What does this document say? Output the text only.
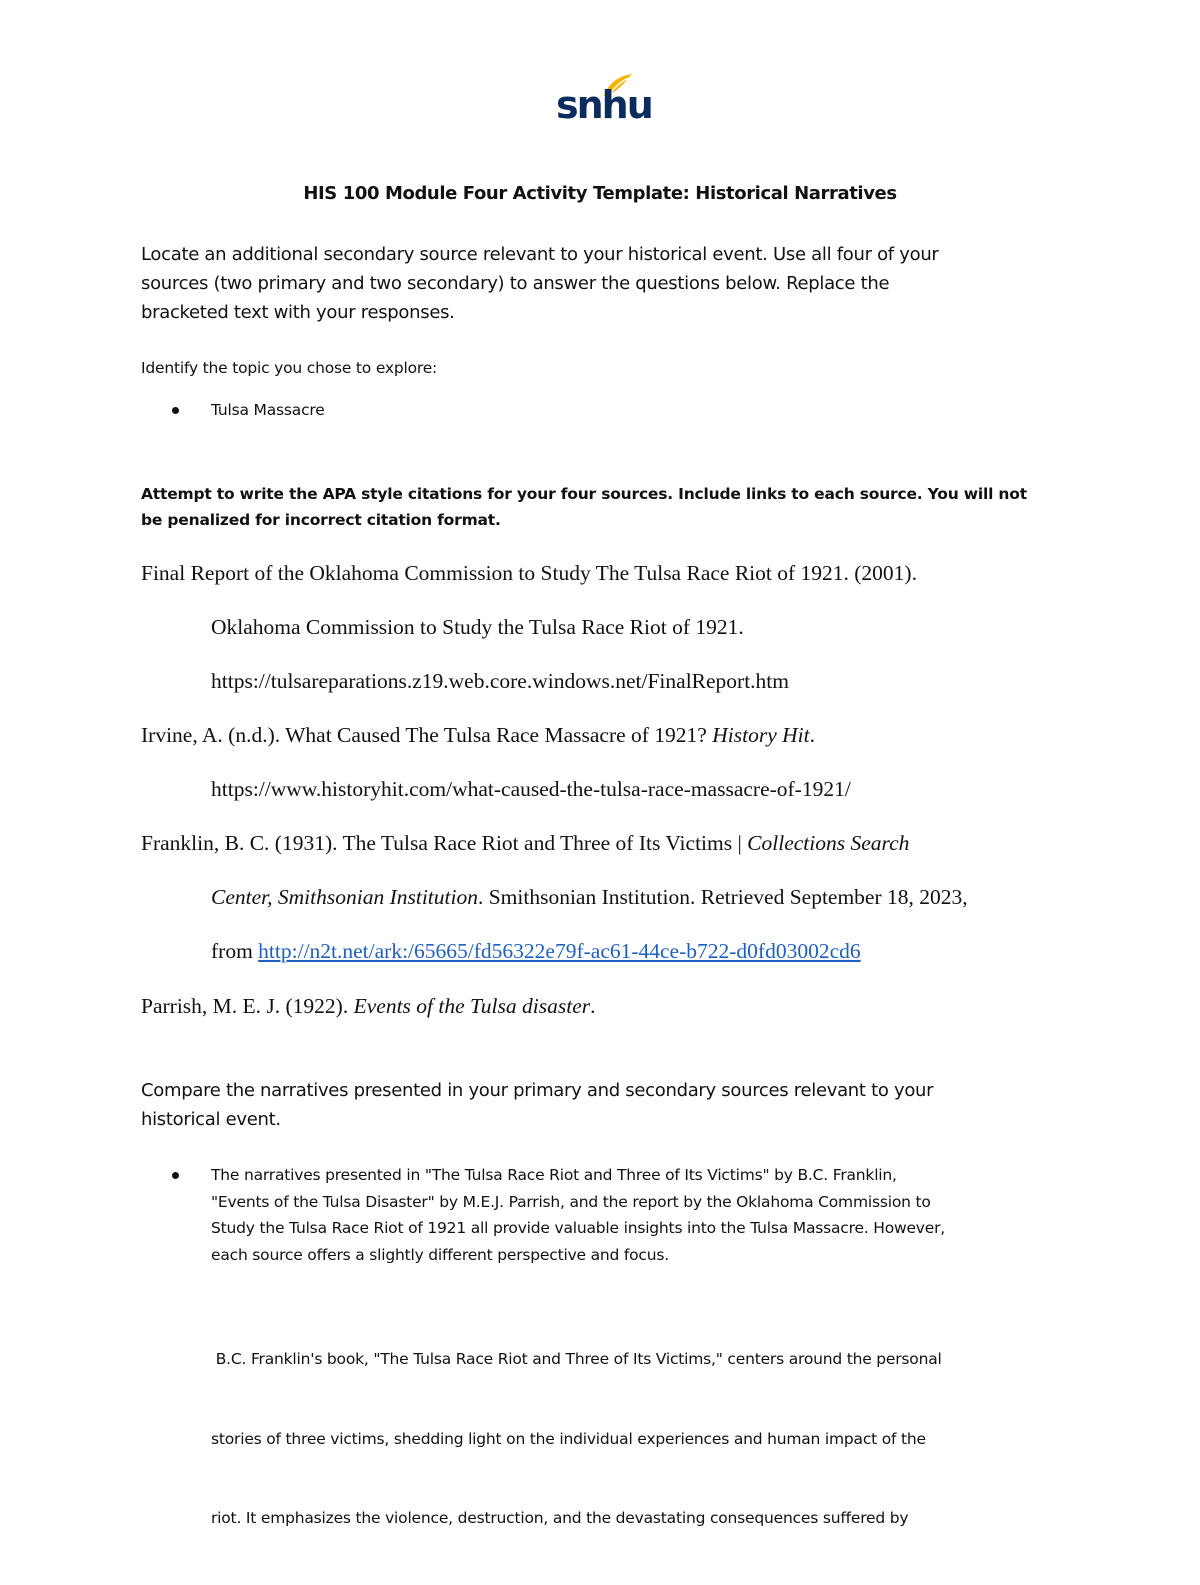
snhu
HIS 100 Module Four Activity Template: Historical Narratives
Locate an additional secondary source relevant to your historical event. Use all four of your
sources (two primary and two secondary) to answer the questions below. Replace the
bracketed text with your responses.
Identify the topic you chose to explore:
Tulsa Massacre
Attempt to write the APA style citations for your four sources. Include links to each source. You will not
be penalized for incorrect citation format.
Final Report of the Oklahoma Commission to Study The Tulsa Race Riot of 1921. (2001).
Oklahoma Commission to Study the Tulsa Race Riot of 1921.
https://tulsareparations.z19.web.core.windows.net/FinalReport.htm
Irvine, A. (n.d.). What Caused The Tulsa Race Massacre of 1921? History Hit.
https://www.historyhit.com/what-caused-the-tulsa-race-massacre-of-1921/
Franklin, B. C. (1931). The Tulsa Race Riot and Three of Its Victims | Collections Search
Center, Smithsonian Institution. Smithsonian Institution. Retrieved September 18, 2023,
from http://n2t.net/ark:/65665/fd56322e79f-ac61-44ce-b722-d0fd03002cd6
Parrish, M. E. J. (1922). Events of the Tulsa disaster.
Compare the narratives presented in your primary and secondary sources relevant to your
historical event.
The narratives presented in "The Tulsa Race Riot and Three of Its Victims" by B.C. Franklin,
"Events of the Tulsa Disaster" by M.E.J. Parrish, and the report by the Oklahoma Commission to
Study the Tulsa Race Riot of 1921 all provide valuable insights into the Tulsa Massacre. However,
each source offers a slightly different perspective and focus.

B.C. Franklin's book, "The Tulsa Race Riot and Three of Its Victims," centers around the personal

stories of three victims, shedding light on the individual experiences and human impact of the

riot. It emphasizes the violence, destruction, and the devastating consequences suffered by
